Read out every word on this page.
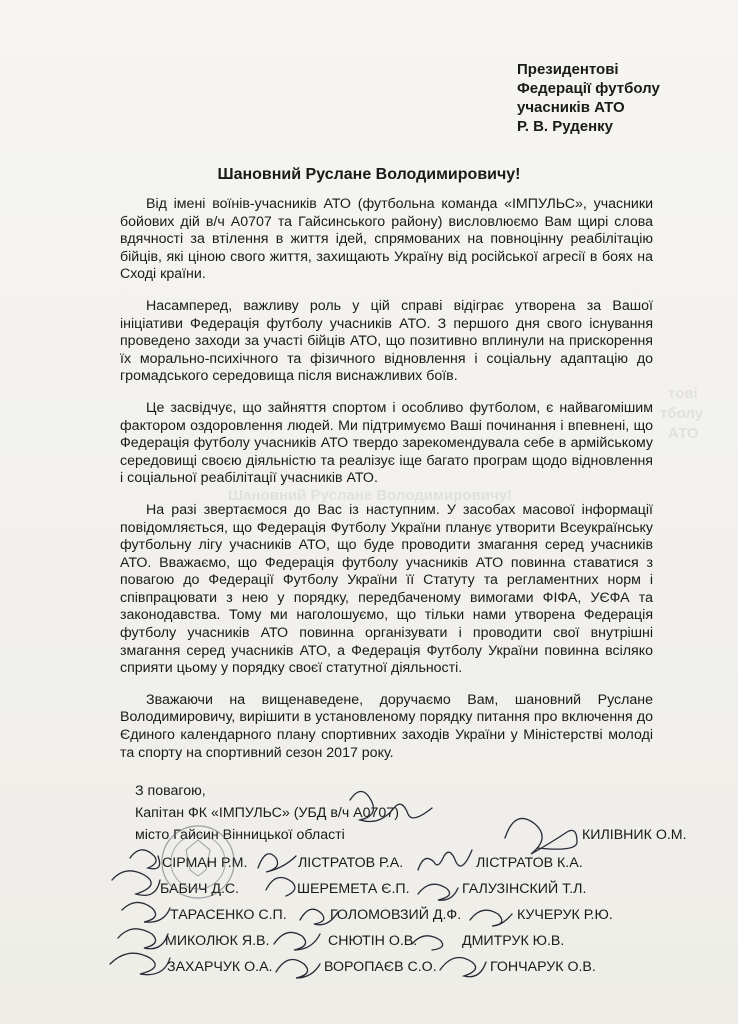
тові
тболу
АТО
Шановний Руслане Володимировичу!
Президентові
Федерації футболу
учасників АТО
Р. В. Руденку
Шановний Руслане Володимировичу!

Від імені воїнів-учасників АТО (футбольна команда «ІМПУЛЬС», учасники бойових дій в/ч А0707 та Гайсинського району) висловлюємо Вам щирі слова вдячності за втілення в життя ідей, спрямованих на повноцінну реабілітацію бійців, які ціною свого життя, захищають Україну від російської агресії в боях на Сході країни.

Насамперед, важливу роль у цій справі відіграє утворена за Вашої ініціативи Федерація футболу учасників АТО. З першого дня свого існування проведено заходи за участі бійців АТО, що позитивно вплинули на прискорення їх морально-психічного та фізичного відновлення і соціальну адаптацію до громадського середовища після виснажливих боїв.

Це засвідчує, що зайняття спортом і особливо футболом, є найвагомішим фактором оздоровлення людей. Ми підтримуємо Ваші починання і впевнені, що Федерація футболу учасників АТО твердо зарекомендувала себе в армійському середовищі своєю діяльністю та реалізує іще багато програм щодо відновлення і соціальної реабілітації учасників АТО.

На разі звертаємося до Вас із наступним. У засобах масової інформації повідомляється, що Федерація Футболу України планує утворити Всеукраїнську футбольну лігу учасників АТО, що буде проводити змагання серед учасників АТО. Вважаємо, що Федерація футболу учасників АТО повинна ставатися з повагою до Федерації Футболу України її Статуту та регламентних норм і співпрацювати з нею у порядку, передбаченому вимогами ФІФА, УЄФА та законодавства. Тому ми наголошуємо, що тільки нами утворена Федерація футболу учасників АТО повинна організувати і проводити свої внутрішні змагання серед учасників АТО, а Федерація Футболу України повинна всіляко сприяти цьому у порядку своєї статутної діяльності.

Зважаючи на вищенаведене, доручаємо Вам, шановний Руслане Володимировичу, вирішити в установленому порядку питання про включення до Єдиного календарного плану спортивних заходів України у Міністерстві молоді та спорту на спортивний сезон 2017 року.

З повагою,
Капітан ФК «ІМПУЛЬС» (УБД в/ч А0707)
місто Гайсин Вінницької області	КИЛІВНИК О.М.
СІРМАН Р.М.	ЛІСТРАТОВ Р.А.	ЛІСТРАТОВ К.А.
БАБИЧ Д.С.	ШЕРЕМЕТА Є.П.	ГАЛУЗІНСКИЙ Т.Л.
ТАРАСЕНКО С.П.	ГОЛОМОВЗИЙ Д.Ф.	КУЧЕРУК Р.Ю.
МИКОЛЮК Я.В.	СНЮТІН О.В.	ДМИТРУК Ю.В.
ЗАХАРЧУК О.А.	ВОРОПАЄВ С.О.	ГОНЧАРУК О.В.
